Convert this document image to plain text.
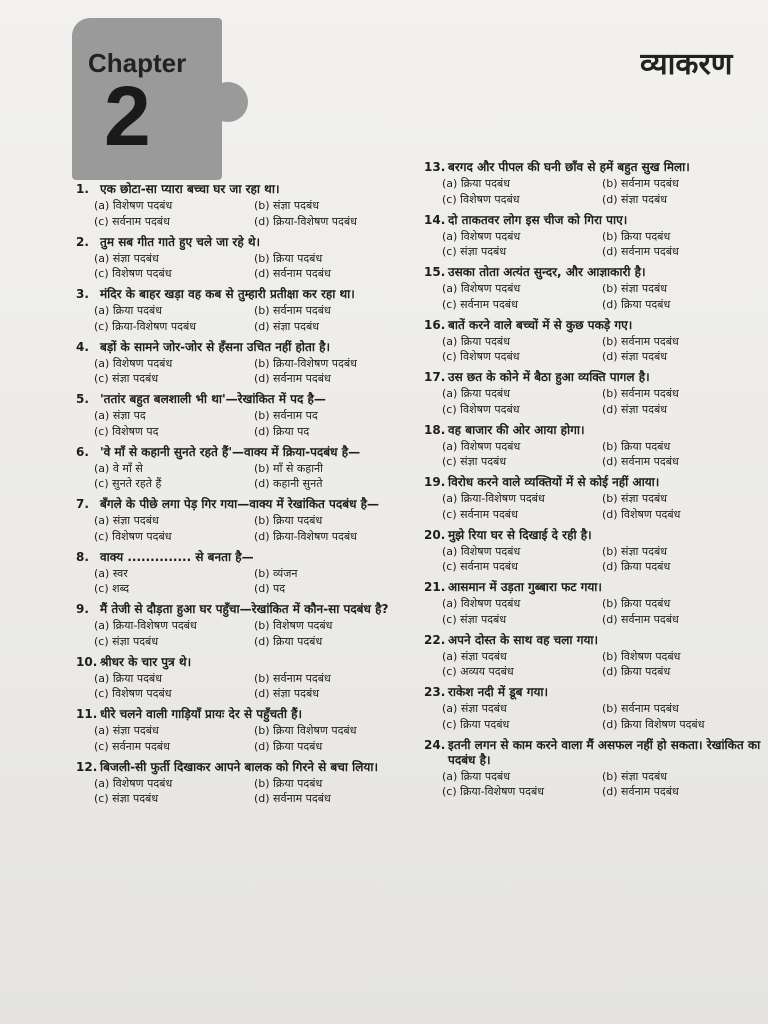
Chapter
2
व्याकरण
1. एक छोटा-सा प्यारा बच्चा घर जा रहा था।
(a) विशेषण पदबंध	(b) संज्ञा पदबंध
(c) सर्वनाम पदबंध	(d) क्रिया-विशेषण पदबंध
2. तुम सब गीत गाते हुए चले जा रहे थे।
(a) संज्ञा पदबंध	(b) क्रिया पदबंध
(c) विशेषण पदबंध	(d) सर्वनाम पदबंध
3. मंदिर के बाहर खड़ा वह कब से तुम्हारी प्रतीक्षा कर रहा था।
(a) क्रिया पदबंध	(b) सर्वनाम पदबंध
(c) क्रिया-विशेषण पदबंध	(d) संज्ञा पदबंध
4. बड़ों के सामने जोर-जोर से हँसना उचित नहीं होता है।
(a) विशेषण पदबंध	(b) क्रिया-विशेषण पदबंध
(c) संज्ञा पदबंध	(d) सर्वनाम पदबंध
5. 'ततांर बहुत बलशाली भी था'—रेखांकित में पद है—
(a) संज्ञा पद	(b) सर्वनाम पद
(c) विशेषण पद	(d) क्रिया पद
6. 'वे माँ से कहानी सुनते रहते हैं'—वाक्य में क्रिया-पदबंध है—
(a) वे माँ से	(b) माँ से कहानी
(c) सुनते रहते हैं	(d) कहानी सुनते
7. बँगले के पीछे लगा पेड़ गिर गया—वाक्य में रेखांकित पदबंध है—
(a) संज्ञा पदबंध	(b) क्रिया पदबंध
(c) विशेषण पदबंध	(d) क्रिया-विशेषण पदबंध
8. वाक्य .............. से बनता है—
(a) स्वर	(b) व्यंजन
(c) शब्द	(d) पद
9. मैं तेजी से दौड़ता हुआ घर पहुँचा—रेखांकित में कौन-सा पदबंध है?
(a) क्रिया-विशेषण पदबंध	(b) विशेषण पदबंध
(c) संज्ञा पदबंध	(d) क्रिया पदबंध
10. श्रीधर के चार पुत्र थे।
(a) क्रिया पदबंध	(b) सर्वनाम पदबंध
(c) विशेषण पदबंध	(d) संज्ञा पदबंध
11. धीरे चलने वाली गाड़ियाँ प्रायः देर से पहुँचती हैं।
(a) संज्ञा पदबंध	(b) क्रिया विशेषण पदबंध
(c) सर्वनाम पदबंध	(d) क्रिया पदबंध
12. बिजली-सी फुर्ती दिखाकर आपने बालक को गिरने से बचा लिया।
(a) विशेषण पदबंध	(b) क्रिया पदबंध
(c) संज्ञा पदबंध	(d) सर्वनाम पदबंध
13. बरगद और पीपल की घनी छाँव से हमें बहुत सुख मिला।
(a) क्रिया पदबंध	(b) सर्वनाम पदबंध
(c) विशेषण पदबंध	(d) संज्ञा पदबंध
14. दो ताकतवर लोग इस चीज को गिरा पाए।
(a) विशेषण पदबंध	(b) क्रिया पदबंध
(c) संज्ञा पदबंध	(d) सर्वनाम पदबंध
15. उसका तोता अत्यंत सुन्दर, और आज्ञाकारी है।
(a) विशेषण पदबंध	(b) संज्ञा पदबंध
(c) सर्वनाम पदबंध	(d) क्रिया पदबंध
16. बातें करने वाले बच्चों में से कुछ पकड़े गए।
(a) क्रिया पदबंध	(b) सर्वनाम पदबंध
(c) विशेषण पदबंध	(d) संज्ञा पदबंध
17. उस छत के कोने में बैठा हुआ व्यक्ति पागल है।
(a) क्रिया पदबंध	(b) सर्वनाम पदबंध
(c) विशेषण पदबंध	(d) संज्ञा पदबंध
18. वह बाजार की ओर आया होगा।
(a) विशेषण पदबंध	(b) क्रिया पदबंध
(c) संज्ञा पदबंध	(d) सर्वनाम पदबंध
19. विरोध करने वाले व्यक्तियों में से कोई नहीं आया।
(a) क्रिया-विशेषण पदबंध	(b) संज्ञा पदबंध
(c) सर्वनाम पदबंध	(d) विशेषण पदबंध
20. मुझे रिया घर से दिखाई दे रही है।
(a) विशेषण पदबंध	(b) संज्ञा पदबंध
(c) सर्वनाम पदबंध	(d) क्रिया पदबंध
21. आसमान में उड़ता गुब्बारा फट गया।
(a) विशेषण पदबंध	(b) क्रिया पदबंध
(c) संज्ञा पदबंध	(d) सर्वनाम पदबंध
22. अपने दोस्त के साथ वह चला गया।
(a) संज्ञा पदबंध	(b) विशेषण पदबंध
(c) अव्यय पदबंध	(d) क्रिया पदबंध
23. राकेश नदी में डूब गया।
(a) संज्ञा पदबंध	(b) सर्वनाम पदबंध
(c) क्रिया पदबंध	(d) क्रिया विशेषण पदबंध
24. इतनी लगन से काम करने वाला मैं असफल नहीं हो सकता। रेखांकित का पदबंध है।
(a) क्रिया पदबंध	(b) संज्ञा पदबंध
(c) क्रिया-विशेषण पदबंध	(d) सर्वनाम पदबंध
